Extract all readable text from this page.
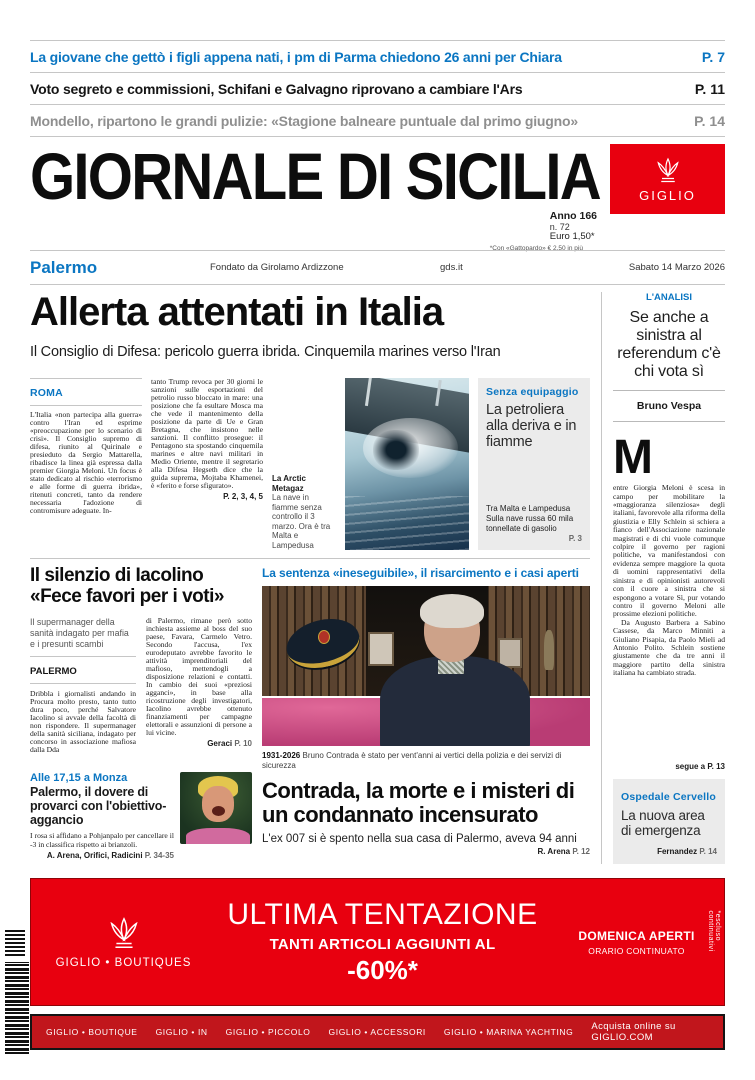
La giovane che gettò i figli appena nati, i pm di Parma chiedono 26 anni per Chiara	P. 7
Voto segreto e commissioni, Schifani e Galvagno riprovano a cambiare l'Ars	P. 11
Mondello, ripartono le grandi pulizie: «Stagione balneare puntuale dal primo giugno»	P. 14
GIORNALE DI SICILIA	GIGLIO
Anno 166
n. 72
Euro 1,50*
*Con «Gattopardo» € 2,50 in più
Palermo	Fondato da Girolamo Ardizzone	gds.it	Sabato 14 Marzo 2026
Allerta attentati in Italia
Il Consiglio di Difesa: pericolo guerra ibrida. Cinquemila marines verso l'Iran
ROMA
L'Italia «non partecipa alla guerra» contro l'Iran ed esprime «preoccupazione per lo scenario di crisi». Il Consiglio supremo di difesa, riunito al Quirinale e presieduto da Sergio Mattarella, ribadisce la linea già espressa dalla premier Giorgia Meloni. Un focus è stato dedicato al rischio «terrorismo e alle forme di guerra ibrida», ritenuti concreti, tanto da rendere necessaria l'adozione di contromisure adeguate. In-
tanto Trump revoca per 30 giorni le sanzioni sulle esportazioni del petrolio russo bloccato in mare: una posizione che fa esultare Mosca ma che vede il mantenimento della posizione da parte di Ue e Gran Bretagna, che insistono nelle sanzioni. Il conflitto prosegue: il Pentagono sta spostando cinquemila marines e altre navi militari in Medio Oriente, mentre il segretario alla Difesa Hegseth dice che la guida suprema, Mojtaba Khamenei, è «ferito e forse sfigurato».
P. 2, 3, 4, 5
La Arctic Metagaz
La nave in fiamme senza controllo il 3 marzo. Ora è tra Malta e Lampedusa
Senza equipaggio
La petroliera alla deriva e in fiamme
Tra Malta e Lampedusa Sulla nave russa 60 mila tonnellate di gasolio
P. 3
Il silenzio di Iacolino «Fece favori per i voti»
Il supermanager della sanità indagato per mafia e i presunti scambi
PALERMO
Dribbla i giornalisti andando in Procura molto presto, tanto tutto dura poco, perché Salvatore Iacolino si avvale della facoltà di non rispondere. Il supermanager della sanità siciliana, indagato per concorso in associazione mafiosa dalla Dda
di Palermo, rimane però sotto inchiesta assieme al boss del suo paese, Favara, Carmelo Vetro. Secondo l'accusa, l'ex eurodeputato avrebbe favorito le attività imprenditoriali del mafioso, mettendogli a disposizione relazioni e contatti. In cambio dei suoi «preziosi agganci», in base alla ricostruzione degli investigatori, Iacolino avrebbe ottenuto finanziamenti per campagne elettorali e assunzioni di persone a lui vicine.
Geraci P. 10
Alle 17,15 a Monza
Palermo, il dovere di provarci con l'obiettivo-aggancio
I rosa si affidano a Pohjanpalo per cancellare il -3 in classifica rispetto ai brianzoli.
A. Arena, Orifici, Radicini P. 34-35
La sentenza «ineseguibile», il risarcimento e i casi aperti
1931-2026 Bruno Contrada è stato per vent'anni ai vertici della polizia e dei servizi di sicurezza
Contrada, la morte e i misteri di un condannato incensurato
L'ex 007 si è spento nella sua casa di Palermo, aveva 94 anni
R. Arena P. 12
L'ANALISI
Se anche a sinistra al referendum c'è chi vota sì
Bruno Vespa
M

entre Giorgia Meloni è scesa in campo per mobilitare la «maggioranza silenziosa» degli italiani, favorevole alla riforma della giustizia e Elly Schlein si schiera a fianco dell'Associazione nazionale magistrati e di chi vuole comunque colpire il governo per ragioni politiche, va manifestandosi con evidenza sempre maggiore la quota di uomini rappresentativi della sinistra e di opinionisti autorevoli con il cuore a sinistra che si espongono a votare Sì, pur votando contro il governo Meloni alle prossime elezioni politiche.

Da Augusto Barbera a Sabino Cassese, da Marco Minniti a Giuliano Pisapia, da Paolo Mieli ad Antonio Polito. Schlein sostiene giustamente che da tre anni il maggiore partito della sinistra italiana ha cambiato strada.

segue a P. 13
Ospedale Cervello
La nuova area di emergenza
Fernandez P. 14
GIGLIO • BOUTIQUES
ULTIMA TENTAZIONE
TANTI ARTICOLI AGGIUNTI AL
-60%*
DOMENICA APERTI
ORARIO CONTINUATO
*escluso continuativi
GIGLIO • BOUTIQUE GIGLIO • IN GIGLIO • PICCOLO GIGLIO • ACCESSORI GIGLIO • MARINA YACHTING Acquista online su GIGLIO.COM
